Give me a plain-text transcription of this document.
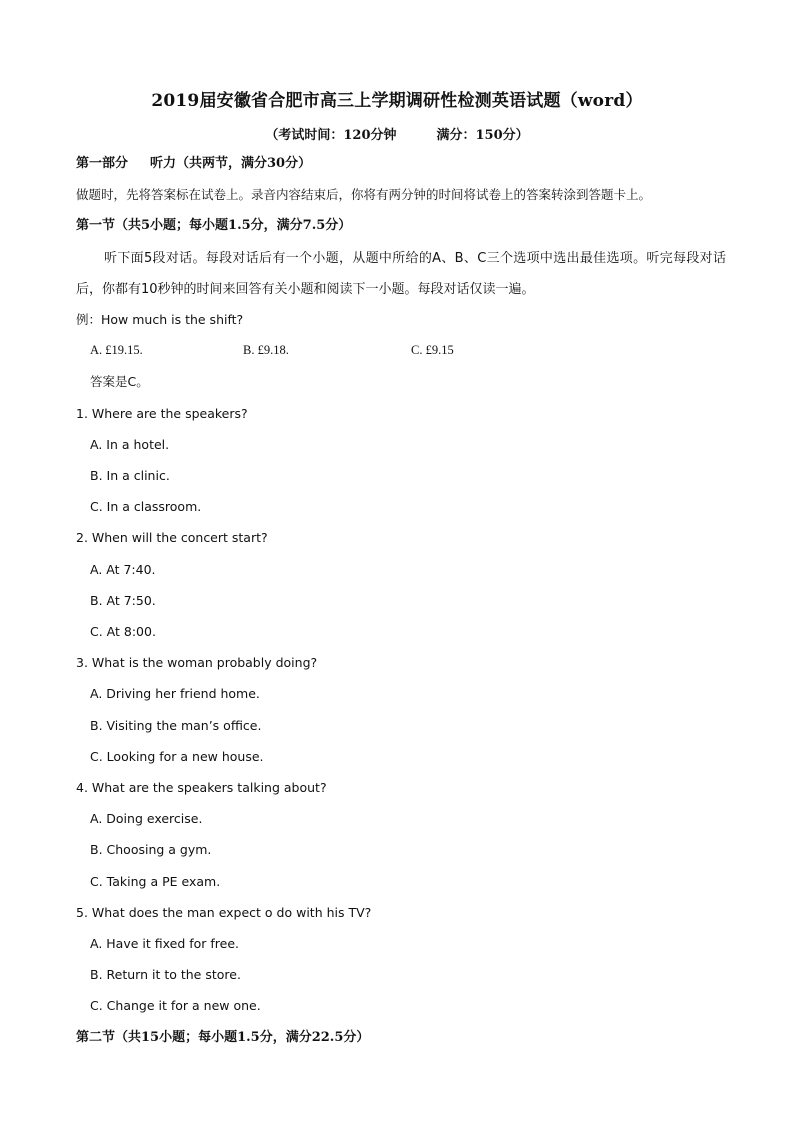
2019届安徽省合肥市高三上学期调研性检测英语试题（word）
（考试时间：120分钟	满分：150分）
第一部分 听力（共两节，满分30分）
做题时，先将答案标在试卷上。录音内容结束后，你将有两分钟的时间将试卷上的答案转涂到答题卡上。
第一节（共5小题；每小题1.5分，满分7.5分）
听下面5段对话。每段对话后有一个小题，从题中所给的A、B、C三个选项中选出最佳选项。听完每段对话后，你都有10秒钟的时间来回答有关小题和阅读下一小题。每段对话仅读一遍。
例：How much is the shift?
A. £19.15.	B. £9.18.	C. £9.15
答案是C。
1. Where are the speakers?
A. In a hotel.
B. In a clinic.
C. In a classroom.
2. When will the concert start?
A. At 7:40.
B. At 7:50.
C. At 8:00.
3. What is the woman probably doing?
A. Driving her friend home.
B. Visiting the man’s office.
C. Looking for a new house.
4. What are the speakers talking about?
A. Doing exercise.
B. Choosing a gym.
C. Taking a PE exam.
5. What does the man expect o do with his TV?
A. Have it fixed for free.
B. Return it to the store.
C. Change it for a new one.
第二节（共15小题；每小题1.5分，满分22.5分）
